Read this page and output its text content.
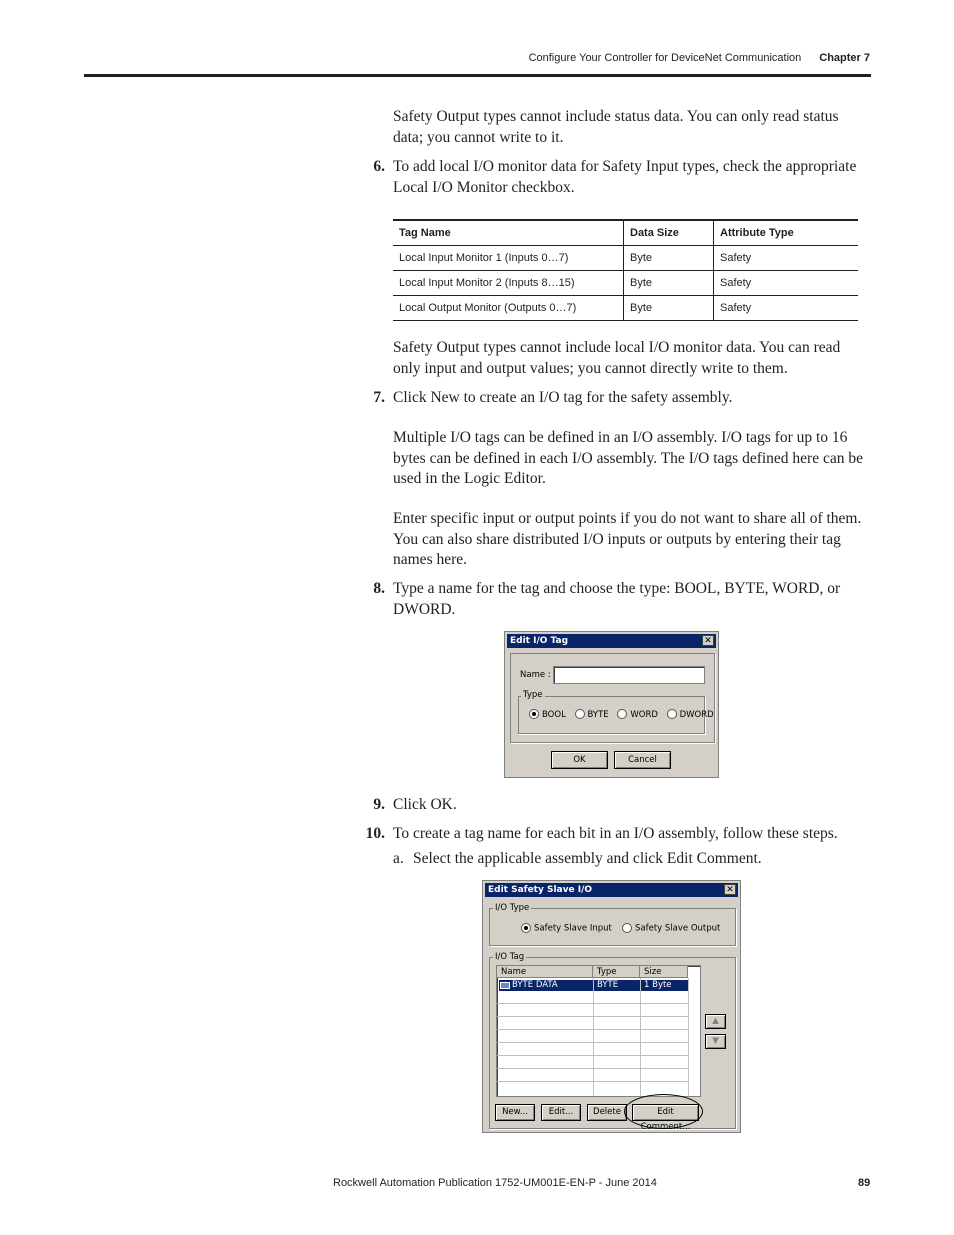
Configure Your Controller for DeviceNet Communication Chapter 7
Safety Output types cannot include status data. You can only read status data; you cannot write to it.
6. To add local I/O monitor data for Safety Input types, check the appropriate Local I/O Monitor checkbox.
Tag Name	Data Size	Attribute Type
Local Input Monitor 1 (Inputs 0…7)	Byte	Safety
Local Input Monitor 2 (Inputs 8…15)	Byte	Safety
Local Output Monitor (Outputs 0…7)	Byte	Safety
Safety Output types cannot include local I/O monitor data. You can read only input and output values; you cannot directly write to them.
7. Click New to create an I/O tag for the safety assembly.
Multiple I/O tags can be defined in an I/O assembly. I/O tags for up to 16 bytes can be defined in each I/O assembly. The I/O tags defined here can be used in the Logic Editor.
Enter specific input or output points if you do not want to share all of them. You can also share distributed I/O inputs or outputs by entering their tag names here.
8. Type a name for the tag and choose the type: BOOL, BYTE, WORD, or DWORD.
Edit I/O Tag	✕
Name :
Type
BOOL	BYTE	WORD	DWORD
OK	Cancel
9. Click OK.
10. To create a tag name for each bit in an I/O assembly, follow these steps.
a. Select the applicable assembly and click Edit Comment.
Edit Safety Slave I/O	✕
I/O Type
Safety Slave Input	Safety Slave Output
I/O Tag
Name	Type	Size
BYTE DATA	BYTE	1 Byte
▲
▼
New...	Edit...	Delete	Edit Comment...
Rockwell Automation Publication 1752-UM001E-EN-P - June 2014	89
